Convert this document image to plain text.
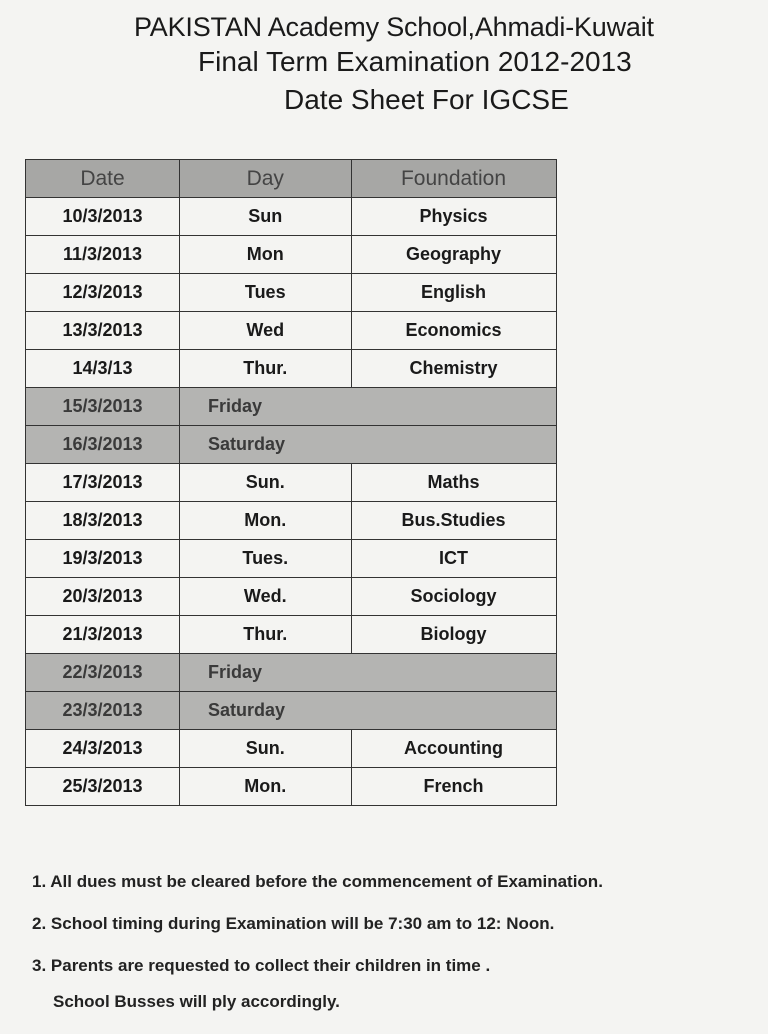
PAKISTAN Academy School,Ahmadi-Kuwait
Final Term Examination 2012-2013
Date Sheet For IGCSE
Date	Day	Foundation
10/3/2013	Sun	Physics
11/3/2013	Mon	Geography
12/3/2013	Tues	English
13/3/2013	Wed	Economics
14/3/13	Thur.	Chemistry
15/3/2013	Friday	
16/3/2013	Saturday	
17/3/2013	Sun.	Maths
18/3/2013	Mon.	Bus.Studies
19/3/2013	Tues.	ICT
20/3/2013	Wed.	Sociology
21/3/2013	Thur.	Biology
22/3/2013	Friday	
23/3/2013	Saturday	
24/3/2013	Sun.	Accounting
25/3/2013	Mon.	French
1. All dues must be cleared before the commencement of Examination.
2. School timing during Examination will be 7:30 am to 12: Noon.
3. Parents are requested to collect their children in time .
School Busses will ply accordingly.
